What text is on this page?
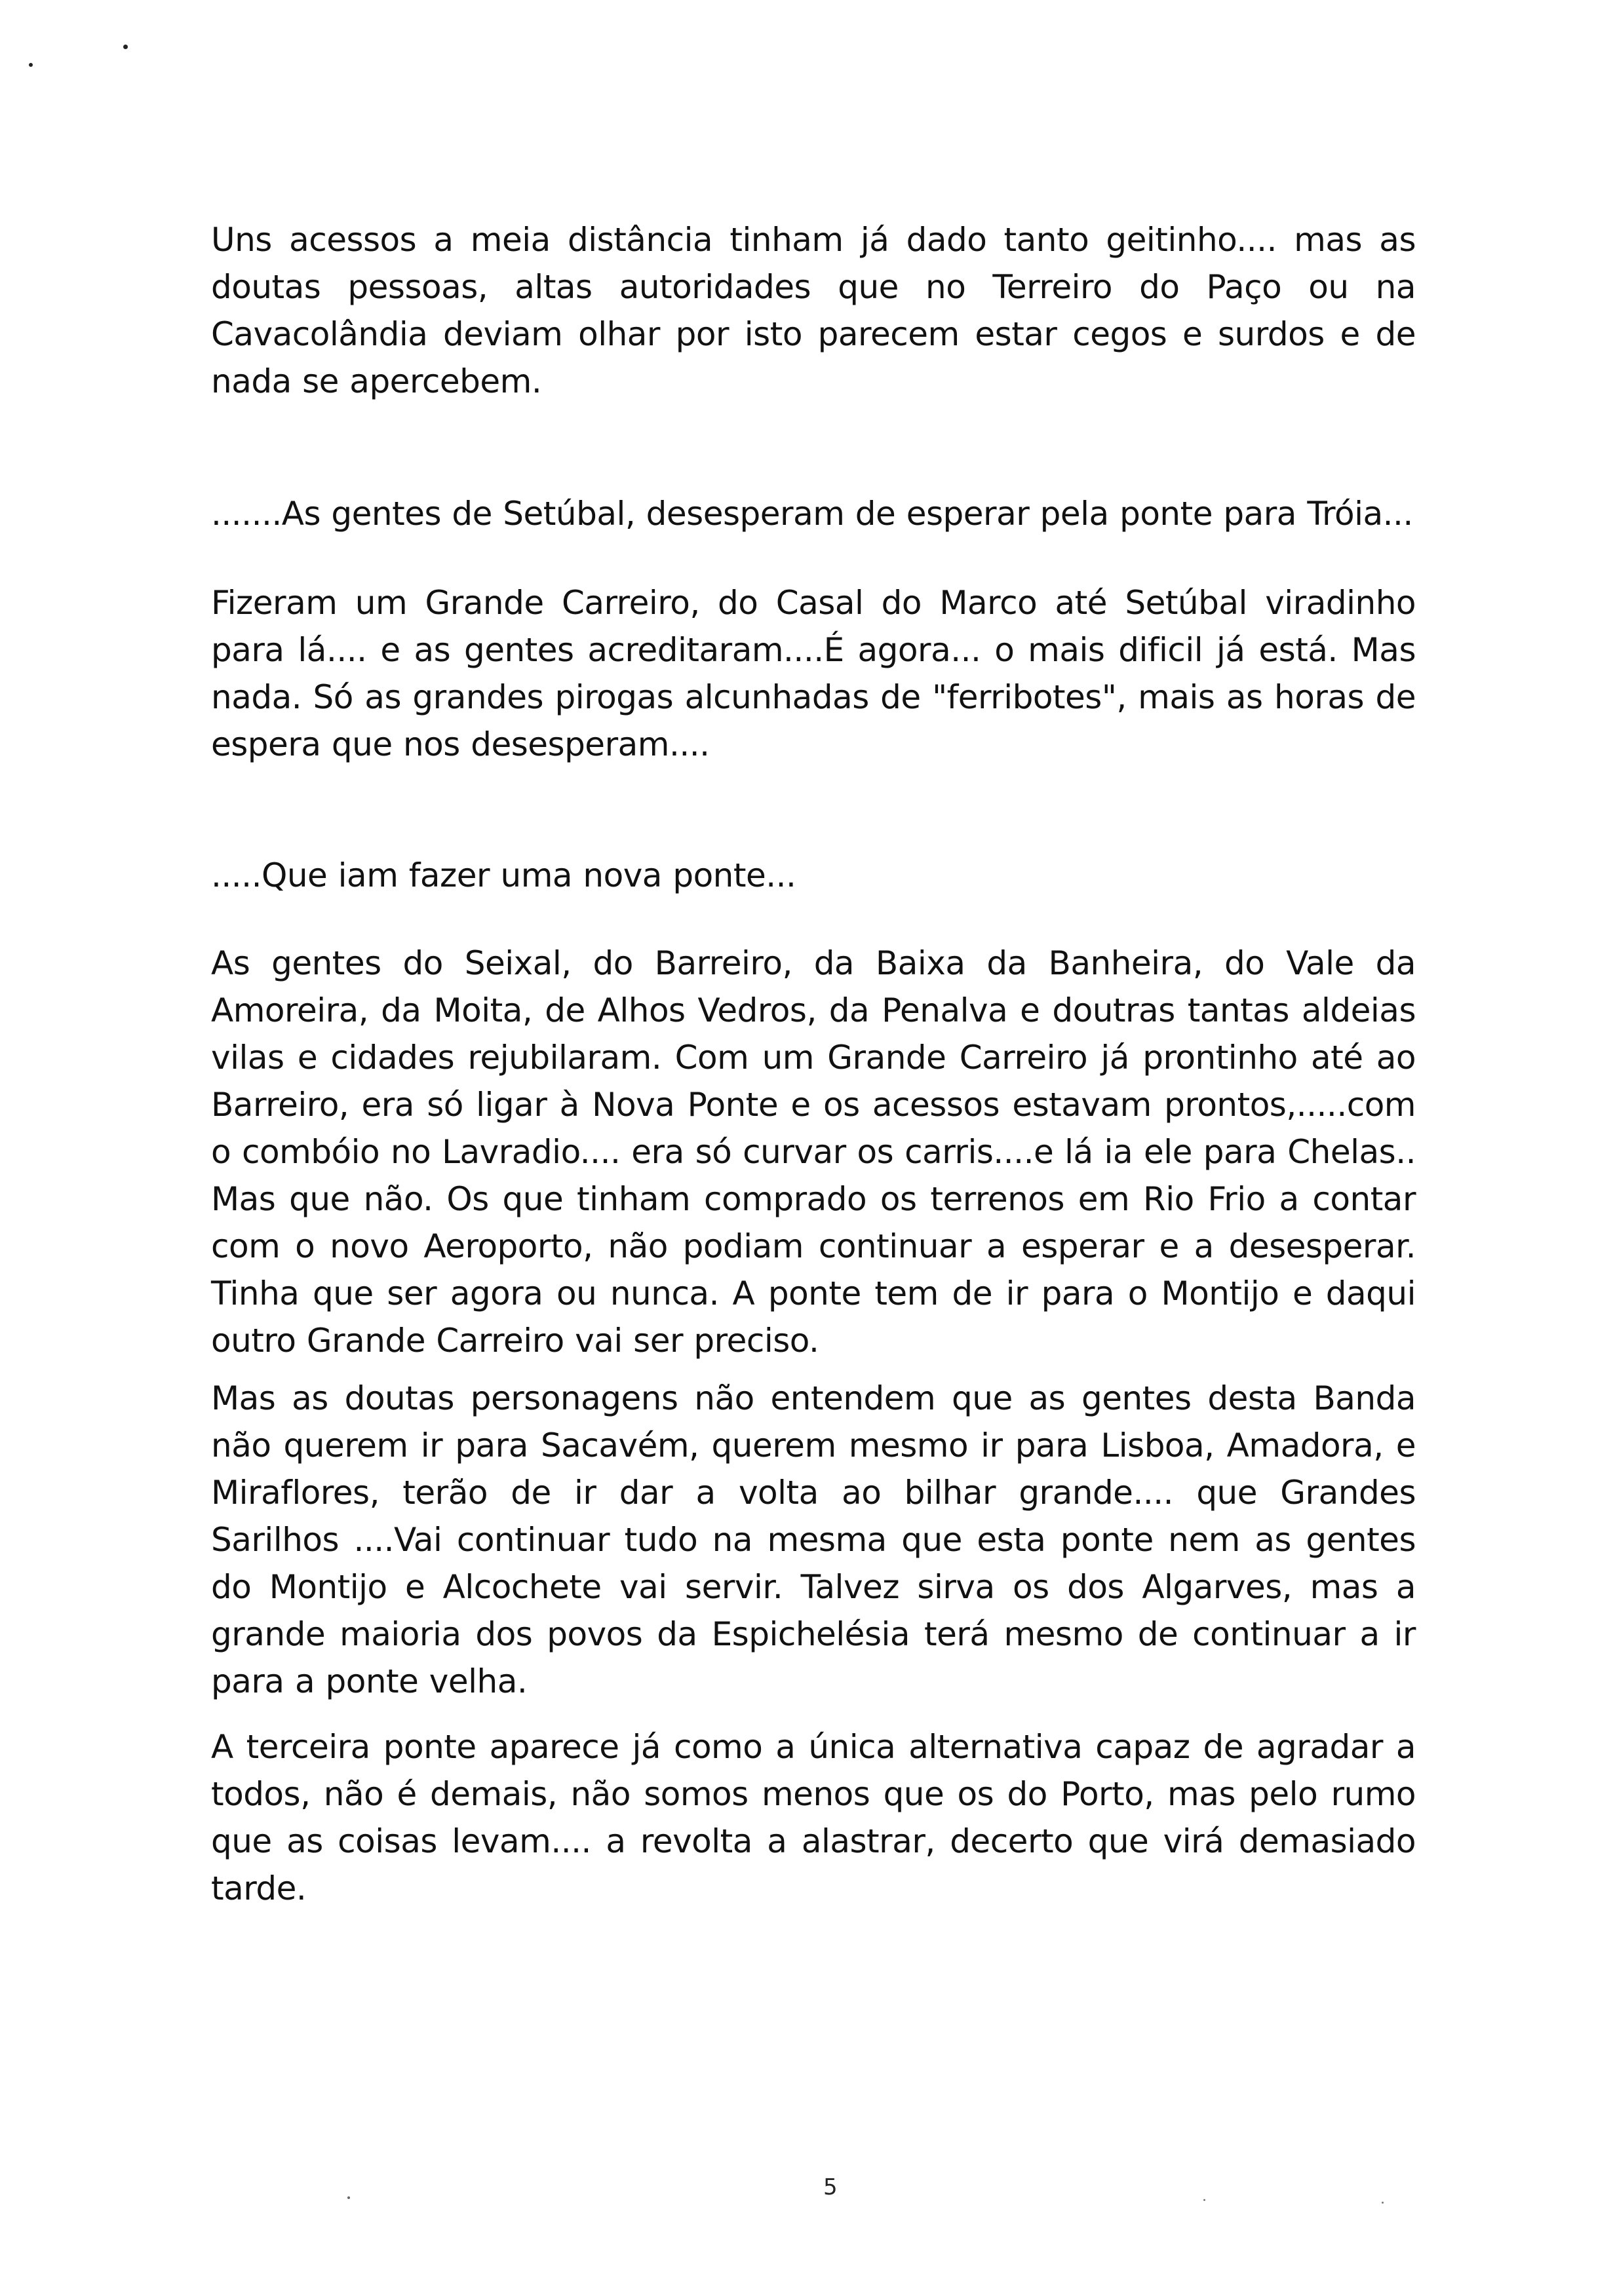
Uns acessos a meia distância tinham já dado tanto geitinho.... mas as doutas pessoas, altas autoridades que no Terreiro do Paço ou na Cavacolândia deviam olhar por isto parecem estar cegos e surdos e de nada se apercebem.

.......As gentes de Setúbal, desesperam de esperar pela ponte para Tróia...

Fizeram um Grande Carreiro, do Casal do Marco até Setúbal viradinho para lá.... e as gentes acreditaram....É agora... o mais dificil já está. Mas nada. Só as grandes pirogas alcunhadas de "ferribotes", mais as horas de espera que nos desesperam....

.....Que iam fazer uma nova ponte...

As gentes do Seixal, do Barreiro, da Baixa da Banheira, do Vale da Amoreira, da Moita, de Alhos Vedros, da Penalva e doutras tantas aldeias vilas e cidades rejubilaram. Com um Grande Carreiro já prontinho até ao Barreiro, era só ligar à Nova Ponte e os acessos estavam prontos,.....com o combóio no Lavradio.... era só curvar os carris....e lá ia ele para Chelas.. Mas que não. Os que tinham comprado os terrenos em Rio Frio a contar com o novo Aeroporto, não podiam continuar a esperar e a desesperar. Tinha que ser agora ou nunca. A ponte tem de ir para o Montijo e daqui outro Grande Carreiro vai ser preciso.

Mas as doutas personagens não entendem que as gentes desta Banda não querem ir para Sacavém, querem mesmo ir para Lisboa, Amadora, e Miraflores, terão de ir dar a volta ao bilhar grande.... que Grandes Sarilhos ....Vai continuar tudo na mesma que esta ponte nem as gentes do Montijo e Alcochete vai servir. Talvez sirva os dos Algarves, mas a grande maioria dos povos da Espichelésia terá mesmo de continuar a ir para a ponte velha.

A terceira ponte aparece já como a única alternativa capaz de agradar a todos, não é demais, não somos menos que os do Porto, mas pelo rumo que as coisas levam.... a revolta a alastrar, decerto que virá demasiado tarde.

5
